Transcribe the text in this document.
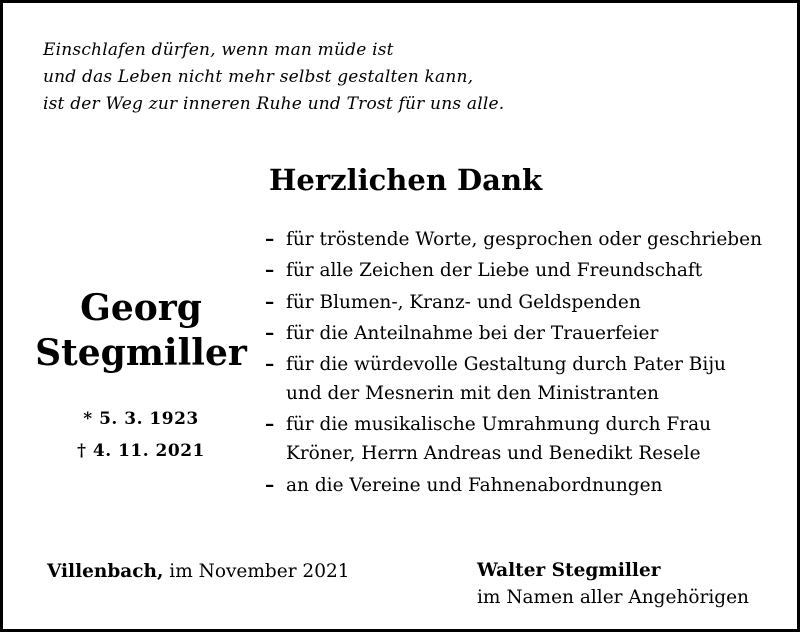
Einschlafen dürfen, wenn man müde ist
und das Leben nicht mehr selbst gestalten kann,
ist der Weg zur inneren Ruhe und Trost für uns alle.
Herzlichen Dank
Georg
Stegmiller
* 5. 3. 1923
† 4. 11. 2021
– für tröstende Worte, gesprochen oder geschrieben
– für alle Zeichen der Liebe und Freundschaft
– für Blumen-, Kranz- und Geldspenden
– für die Anteilnahme bei der Trauerfeier
– für die würdevolle Gestaltung durch Pater Biju
und der Mesnerin mit den Ministranten
– für die musikalische Umrahmung durch Frau
Kröner, Herrn Andreas und Benedikt Resele
– an die Vereine und Fahnenabordnungen
Villenbach, im November 2021	Walter Stegmiller
im Namen aller Angehörigen
